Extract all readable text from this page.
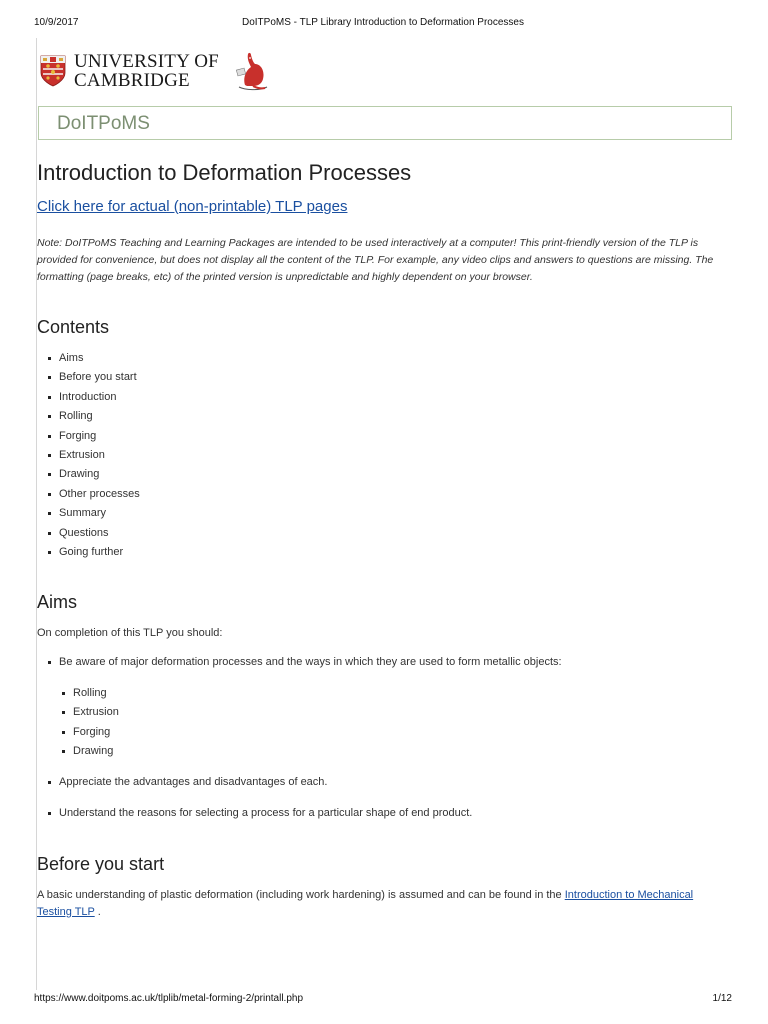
10/9/2017	DoITPoMS - TLP Library Introduction to Deformation Processes
UNIVERSITY OF
CAMBRIDGE
DoITPoMS
Introduction to Deformation Processes
Click here for actual (non-printable) TLP pages

Note: DoITPoMS Teaching and Learning Packages are intended to be used interactively at a computer! This print-friendly version of the TLP is provided for convenience, but does not display all the content of the TLP. For example, any video clips and answers to questions are missing. The formatting (page breaks, etc) of the printed version is unpredictable and highly dependent on your browser.

Contents
Aims
Before you start
Introduction
Rolling
Forging
Extrusion
Drawing
Other processes
Summary
Questions
Going further
Aims
On completion of this TLP you should:
Be aware of major deformation processes and the ways in which they are used to form metallic objects:
Rolling
Extrusion
Forging
Drawing
Appreciate the advantages and disadvantages of each.
Understand the reasons for selecting a process for a particular shape of end product.
Before you start
A basic understanding of plastic deformation (including work hardening) is assumed and can be found in the Introduction to Mechanical
Testing TLP .
https://www.doitpoms.ac.uk/tlplib/metal-forming-2/printall.php	1/12
